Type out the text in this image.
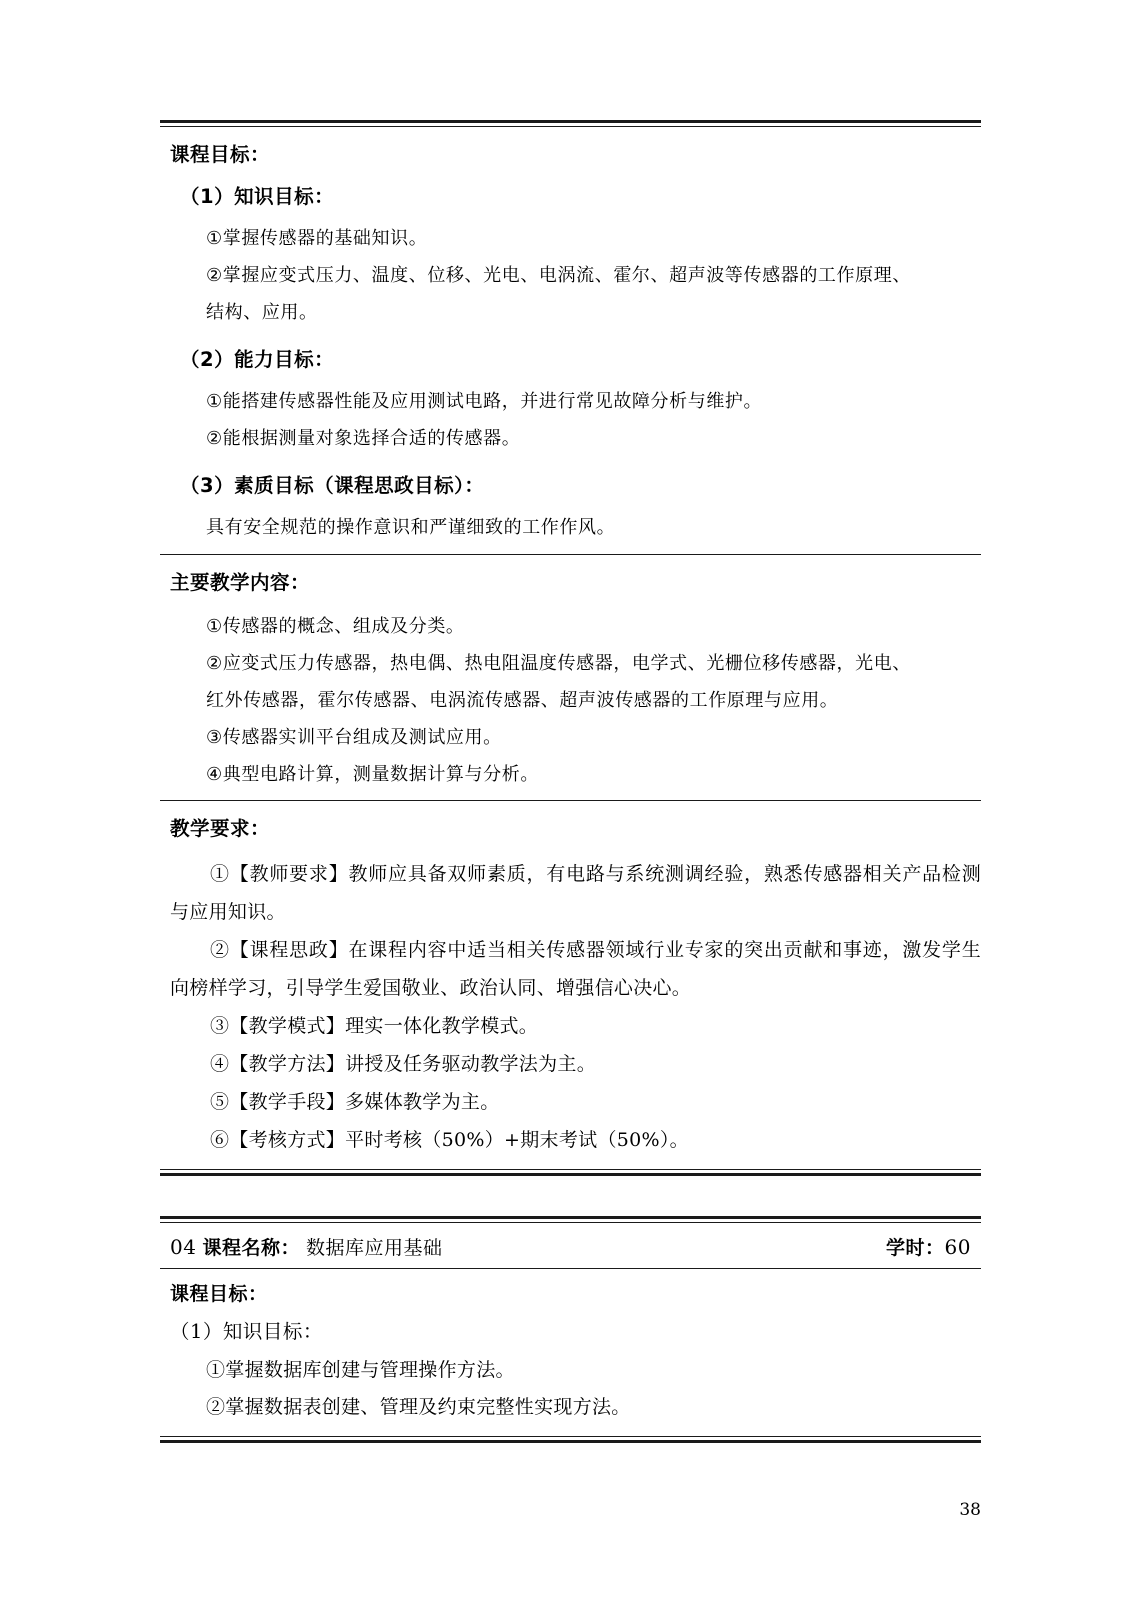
课程目标：
（1）知识目标：
①掌握传感器的基础知识。
②掌握应变式压力、温度、位移、光电、电涡流、霍尔、超声波等传感器的工作原理、
结构、应用。
（2）能力目标：
①能搭建传感器性能及应用测试电路，并进行常见故障分析与维护。
②能根据测量对象选择合适的传感器。
（3）素质目标（课程思政目标）：
具有安全规范的操作意识和严谨细致的工作作风。
主要教学内容：
①传感器的概念、组成及分类。
②应变式压力传感器，热电偶、热电阻温度传感器，电学式、光栅位移传感器，光电、
红外传感器，霍尔传感器、电涡流传感器、超声波传感器的工作原理与应用。
③传感器实训平台组成及测试应用。
④典型电路计算，测量数据计算与分析。
教学要求：
①【教师要求】教师应具备双师素质，有电路与系统测调经验，熟悉传感器相关产品检测与应用知识。
②【课程思政】在课程内容中适当相关传感器领域行业专家的突出贡献和事迹，激发学生向榜样学习，引导学生爱国敬业、政治认同、增强信心决心。
③【教学模式】理实一体化教学模式。
④【教学方法】讲授及任务驱动教学法为主。
⑤【教学手段】多媒体教学为主。
⑥【考核方式】平时考核（50%）+期末考试（50%）。
04 课程名称： 数据库应用基础	学时：60
课程目标：
（1）知识目标：
①掌握数据库创建与管理操作方法。
②掌握数据表创建、管理及约束完整性实现方法。
38
